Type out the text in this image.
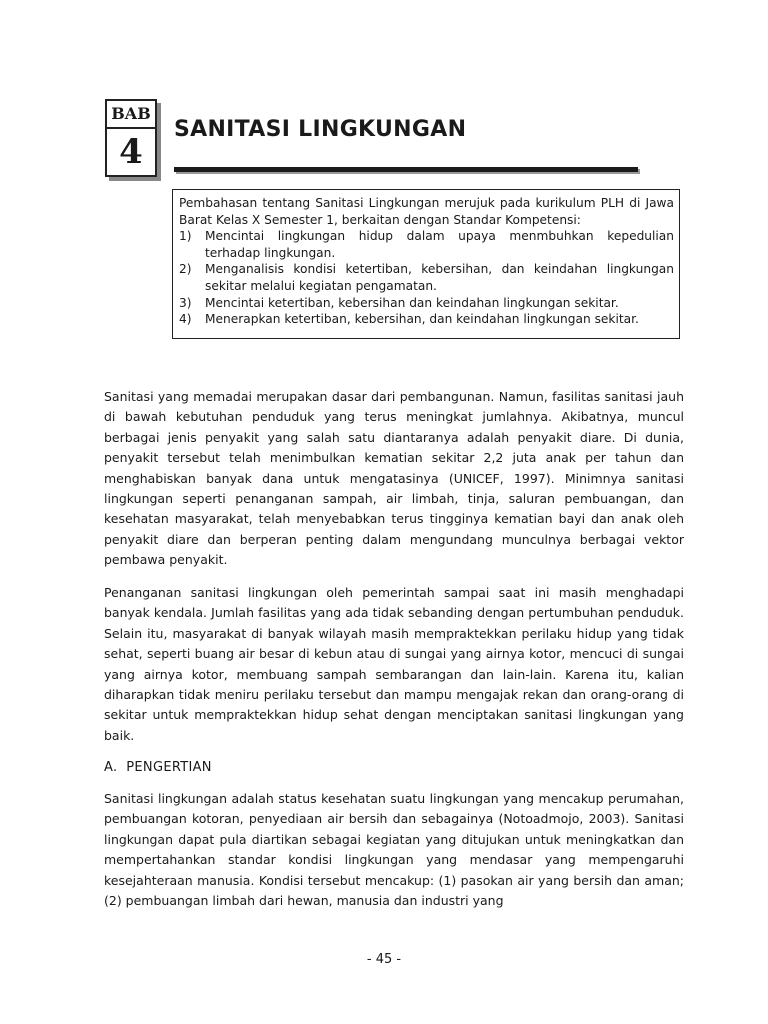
BAB
4
SANITASI LINGKUNGAN

Pembahasan tentang Sanitasi Lingkungan merujuk pada kurikulum PLH di Jawa Barat Kelas X Semester 1, berkaitan dengan Standar Kompetensi:

1)	Mencintai lingkungan hidup dalam upaya menmbuhkan kepedulian terhadap lingkungan.
2)	Menganalisis kondisi ketertiban, kebersihan, dan keindahan lingkungan sekitar melalui kegiatan pengamatan.
3)	Mencintai ketertiban, kebersihan dan keindahan lingkungan sekitar.
4)	Menerapkan ketertiban, kebersihan, dan keindahan lingkungan sekitar.

Sanitasi yang memadai merupakan dasar dari pembangunan. Namun, fasilitas sanitasi jauh di bawah kebutuhan penduduk yang terus meningkat jumlahnya. Akibatnya, muncul berbagai jenis penyakit yang salah satu diantaranya adalah penyakit diare. Di dunia, penyakit tersebut telah menimbulkan kematian sekitar 2,2 juta anak per tahun dan menghabiskan banyak dana untuk mengatasinya (UNICEF, 1997). Minimnya sanitasi lingkungan seperti penanganan sampah, air limbah, tinja, saluran pembuangan, dan kesehatan masyarakat, telah menyebabkan terus tingginya kematian bayi dan anak oleh penyakit diare dan berperan penting dalam mengundang munculnya berbagai vektor pembawa penyakit.

Penanganan sanitasi lingkungan oleh pemerintah sampai saat ini masih menghadapi banyak kendala. Jumlah fasilitas yang ada tidak sebanding dengan pertumbuhan penduduk. Selain itu, masyarakat di banyak wilayah masih mempraktekkan perilaku hidup yang tidak sehat, seperti buang air besar di kebun atau di sungai yang airnya kotor, mencuci di sungai yang airnya kotor, membuang sampah sembarangan dan lain-lain. Karena itu, kalian diharapkan tidak meniru perilaku tersebut dan mampu mengajak rekan dan orang-orang di sekitar untuk mempraktekkan hidup sehat dengan menciptakan sanitasi lingkungan yang baik.

A.  PENGERTIAN

Sanitasi lingkungan adalah status kesehatan suatu lingkungan yang mencakup perumahan, pembuangan kotoran, penyediaan air bersih dan sebagainya (Notoadmojo, 2003). Sanitasi lingkungan dapat pula diartikan sebagai kegiatan yang ditujukan untuk meningkatkan dan mempertahankan standar kondisi lingkungan yang mendasar yang mempengaruhi kesejahteraan manusia. Kondisi tersebut mencakup: (1) pasokan air yang bersih dan aman; (2) pembuangan limbah dari hewan, manusia dan industri yang

- 45 -
